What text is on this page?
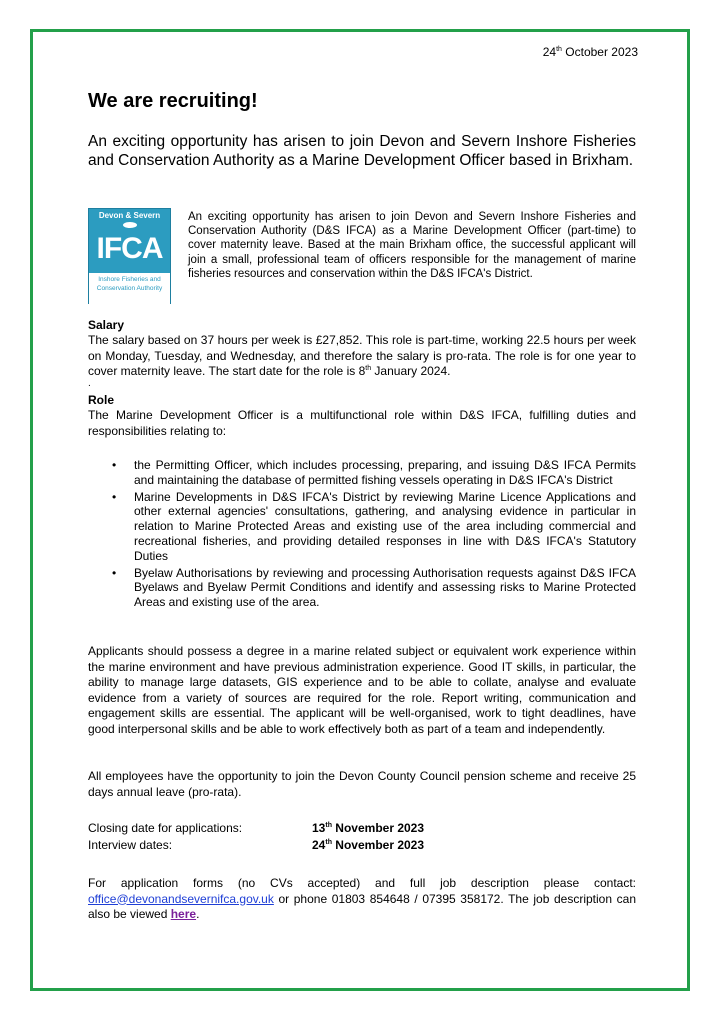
24th October 2023
We are recruiting!

An exciting opportunity has arisen to join Devon and Severn Inshore Fisheries and Conservation Authority as a Marine Development Officer based in Brixham.

Devon & Severn
IFCA
Inshore Fisheries and
Conservation Authority

An exciting opportunity has arisen to join Devon and Severn Inshore Fisheries and Conservation Authority (D&S IFCA) as a Marine Development Officer (part-time) to cover maternity leave. Based at the main Brixham office, the successful applicant will join a small, professional team of officers responsible for the management of marine fisheries resources and conservation within the D&S IFCA's District.

Salary

The salary based on 37 hours per week is £27,852. This role is part-time, working 22.5 hours per week on Monday, Tuesday, and Wednesday, and therefore the salary is pro-rata. The role is for one year to cover maternity leave. The start date for the role is 8th January 2024.

.
Role

The Marine Development Officer is a multifunctional role within D&S IFCA, fulfilling duties and responsibilities relating to:

• the Permitting Officer, which includes processing, preparing, and issuing D&S IFCA Permits and maintaining the database of permitted fishing vessels operating in D&S IFCA's District
• Marine Developments in D&S IFCA's District by reviewing Marine Licence Applications and other external agencies' consultations, gathering, and analysing evidence in particular in relation to Marine Protected Areas and existing use of the area including commercial and recreational fisheries, and providing detailed responses in line with D&S IFCA's Statutory Duties
• Byelaw Authorisations by reviewing and processing Authorisation requests against D&S IFCA Byelaws and Byelaw Permit Conditions and identify and assessing risks to Marine Protected Areas and existing use of the area.

Applicants should possess a degree in a marine related subject or equivalent work experience within the marine environment and have previous administration experience. Good IT skills, in particular, the ability to manage large datasets, GIS experience and to be able to collate, analyse and evaluate evidence from a variety of sources are required for the role. Report writing, communication and engagement skills are essential. The applicant will be well-organised, work to tight deadlines, have good interpersonal skills and be able to work effectively both as part of a team and independently.

All employees have the opportunity to join the Devon County Council pension scheme and receive 25 days annual leave (pro-rata).

Closing date for applications:	13th November 2023
Interview dates:	24th November 2023

For application forms (no CVs accepted) and full job description please contact: office@devonandsevernifca.gov.uk or phone 01803 854648 / 07395 358172. The job description can also be viewed here.
